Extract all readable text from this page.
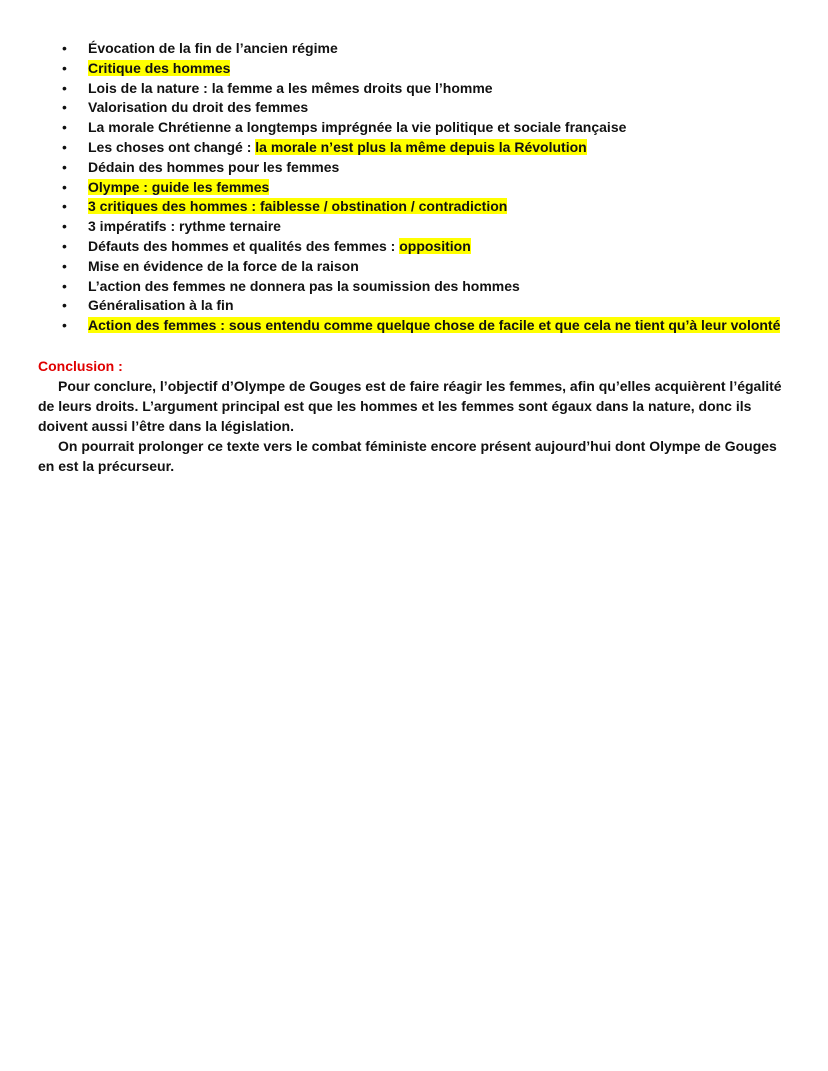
•	Évocation de la fin de l’ancien régime
•	Critique des hommes
•	Lois de la nature : la femme a les mêmes droits que l’homme
•	Valorisation du droit des femmes
•	La morale Chrétienne a longtemps imprégnée la vie politique et sociale française
•	Les choses ont changé : la morale n’est plus la même depuis la Révolution
•	Dédain des hommes pour les femmes
•	Olympe : guide les femmes
•	3 critiques des hommes : faiblesse / obstination / contradiction
•	3 impératifs : rythme ternaire
•	Défauts des hommes et qualités des femmes : opposition
•	Mise en évidence de la force de la raison
•	L’action des femmes ne donnera pas la soumission des hommes
•	Généralisation à la fin
•	Action des femmes : sous entendu comme quelque chose de facile et que cela ne tient qu’à leur volonté

Conclusion :

Pour conclure, l’objectif d’Olympe de Gouges est de faire réagir les femmes, afin qu’elles acquièrent l’égalité de leurs droits. L’argument principal est que les hommes et les femmes sont égaux dans la nature, donc ils doivent aussi l’être dans la législation.

On pourrait prolonger ce texte vers le combat féministe encore présent aujourd’hui dont Olympe de Gouges en est la précurseur.
